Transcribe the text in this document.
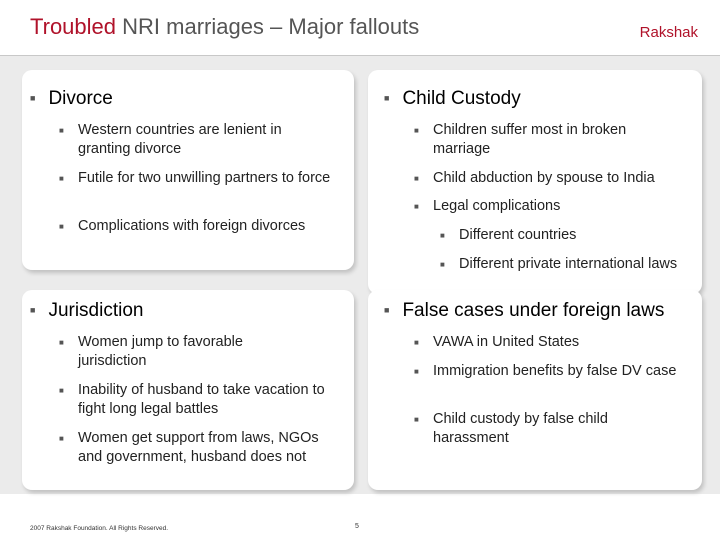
Troubled NRI marriages – Major fallouts	Rakshak
■ Divorce
■ Western countries are lenient in granting divorce
■ Futile for two unwilling partners to force
■ Complications with foreign divorces
■ Child Custody
■ Children suffer most in broken marriage
■ Child abduction by spouse to India
■ Legal complications
■ Different countries
■ Different private international laws
■ Jurisdiction
■ Women jump to favorable jurisdiction
■ Inability of husband to take vacation to fight long legal battles
■ Women get support from laws, NGOs and government, husband does not
■ False cases under foreign laws
■ VAWA in United States
■ Immigration benefits by false DV case
■ Child custody by false child harassment
2007 Rakshak Foundation. All Rights Reserved.	5
